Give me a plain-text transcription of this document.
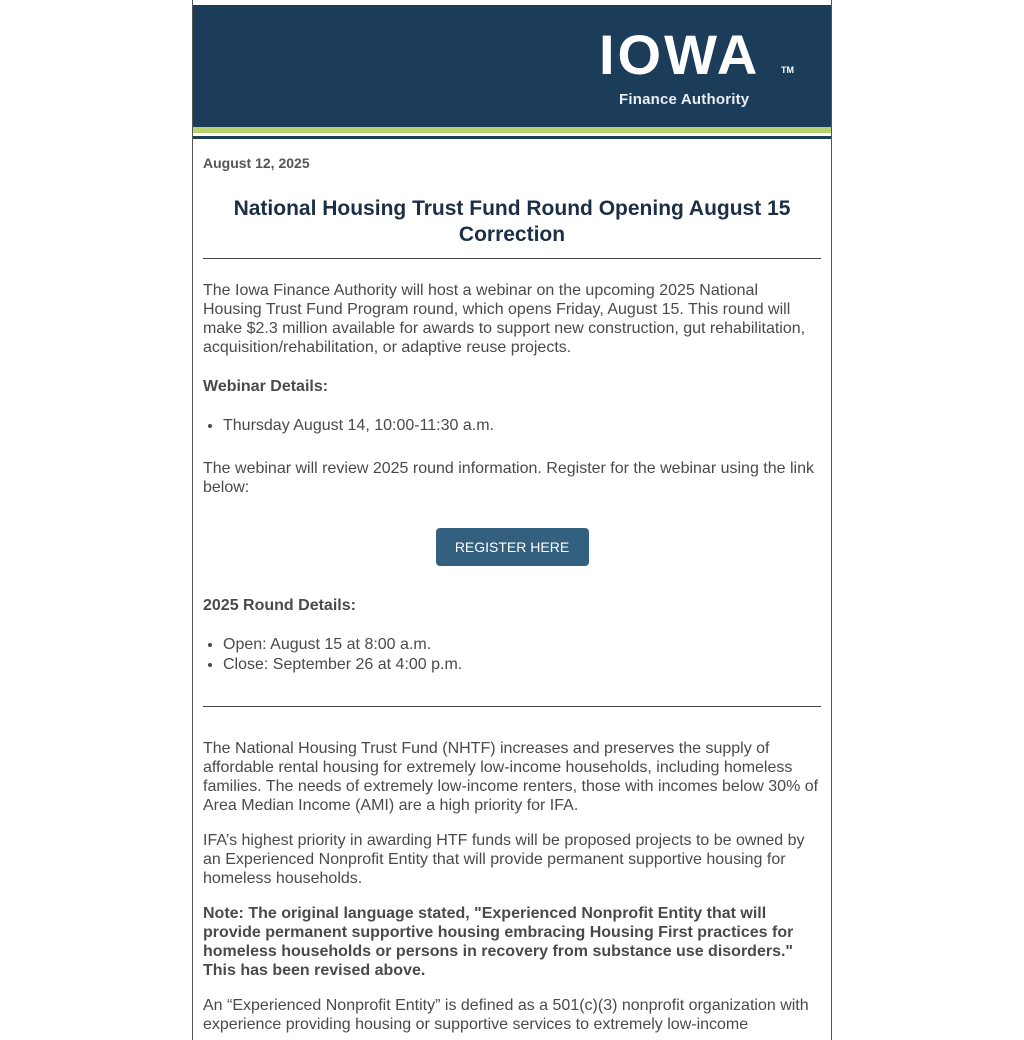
IOWA TM
Finance Authority
August 12, 2025
National Housing Trust Fund Round Opening August 15
Correction

The Iowa Finance Authority will host a webinar on the upcoming 2025 National Housing Trust Fund Program round, which opens Friday, August 15. This round will make $2.3 million available for awards to support new construction, gut rehabilitation, acquisition/rehabilitation, or adaptive reuse projects.

Webinar Details:

• Thursday August 14, 10:00-11:30 a.m.

The webinar will review 2025 round information. Register for the webinar using the link below:

REGISTER HERE

2025 Round Details:

• Open: August 15 at 8:00 a.m.
• Close: September 26 at 4:00 p.m.

The National Housing Trust Fund (NHTF) increases and preserves the supply of affordable rental housing for extremely low-income households, including homeless families. The needs of extremely low-income renters, those with incomes below 30% of Area Median Income (AMI) are a high priority for IFA.

IFA’s highest priority in awarding HTF funds will be proposed projects to be owned by an Experienced Nonprofit Entity that will provide permanent supportive housing for homeless households.

Note: The original language stated, "Experienced Nonprofit Entity that will provide permanent supportive housing embracing Housing First practices for homeless households or persons in recovery from substance use disorders." This has been revised above.

An “Experienced Nonprofit Entity” is defined as a 501(c)(3) nonprofit organization with experience providing housing or supportive services to extremely low-income
